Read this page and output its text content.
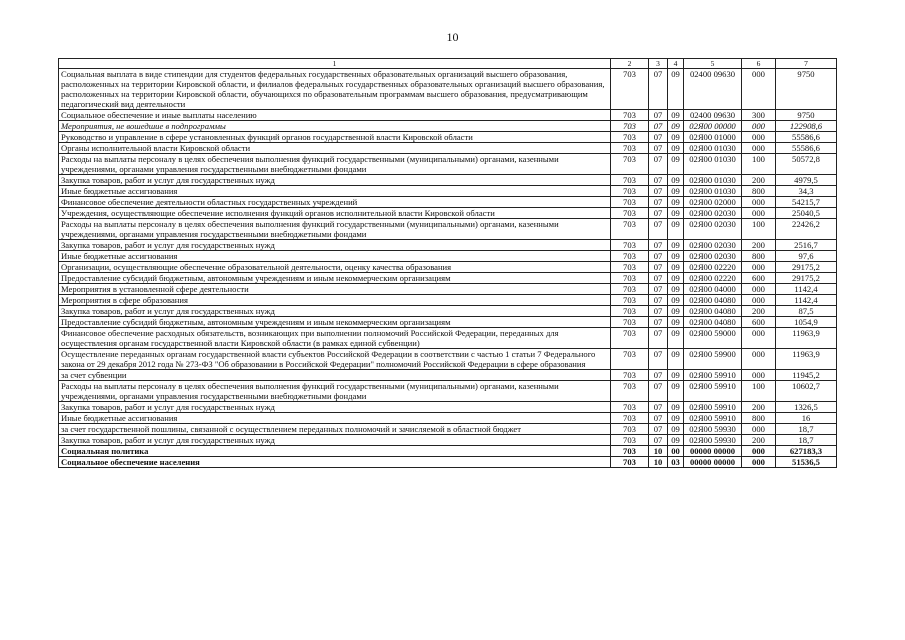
10
1	2	3	4	5	6	7
Социальная выплата в виде стипендии для студентов федеральных государственных образовательных организаций высшего образования, расположенных на территории Кировской области, и филиалов федеральных государственных образовательных организаций высшего образования, расположенных на территории Кировской области, обучающихся по образовательным программам высшего образования, предусматривающим педагогический вид деятельности	703	07	09	02400 09630	000	9750
Социальное обеспечение и иные выплаты населению	703	07	09	02400 09630	300	9750
Мероприятия, не вошедшие в подпрограммы	703	07	09	02Я00 00000	000	122908,6
Руководство и управление в сфере установленных функций органов государственной власти Кировской области	703	07	09	02Я00 01000	000	55586,6
Органы исполнительной власти Кировской области	703	07	09	02Я00 01030	000	55586,6
Расходы на выплаты персоналу в целях обеспечения выполнения функций государственными (муниципальными) органами, казенными учреждениями, органами управления государственными внебюджетными фондами	703	07	09	02Я00 01030	100	50572,8
Закупка товаров, работ и услуг для государственных нужд	703	07	09	02Я00 01030	200	4979,5
Иные бюджетные ассигнования	703	07	09	02Я00 01030	800	34,3
Финансовое обеспечение деятельности областных государственных учреждений	703	07	09	02Я00 02000	000	54215,7
Учреждения, осуществляющие обеспечение исполнения функций органов исполнительной власти Кировской области	703	07	09	02Я00 02030	000	25040,5
Расходы на выплаты персоналу в целях обеспечения выполнения функций государственными (муниципальными) органами, казенными учреждениями, органами управления государственными внебюджетными фондами	703	07	09	02Я00 02030	100	22426,2
Закупка товаров, работ и услуг для государственных нужд	703	07	09	02Я00 02030	200	2516,7
Иные бюджетные ассигнования	703	07	09	02Я00 02030	800	97,6
Организации, осуществляющие обеспечение образовательной деятельности, оценку качества образования	703	07	09	02Я00 02220	000	29175,2
Предоставление субсидий бюджетным, автономным учреждениям и иным некоммерческим организациям	703	07	09	02Я00 02220	600	29175,2
Мероприятия в установленной сфере деятельности	703	07	09	02Я00 04000	000	1142,4
Мероприятия в сфере образования	703	07	09	02Я00 04080	000	1142,4
Закупка товаров, работ и услуг для государственных нужд	703	07	09	02Я00 04080	200	87,5
Предоставление субсидий бюджетным, автономным учреждениям и иным некоммерческим организациям	703	07	09	02Я00 04080	600	1054,9
Финансовое обеспечение расходных обязательств, возникающих при выполнении полномочий Российской Федерации, переданных для осуществления органам государственной власти Кировской области (в рамках единой субвенции)	703	07	09	02Я00 59000	000	11963,9
Осуществление переданных органам государственной власти субъектов Российской Федерации в соответствии с частью 1 статьи 7 Федерального закона от 29 декабря 2012 года № 273-ФЗ "Об образовании в Российской Федерации" полномочий Российской Федерации в сфере образования	703	07	09	02Я00 59900	000	11963,9
за счет субвенции	703	07	09	02Я00 59910	000	11945,2
Расходы на выплаты персоналу в целях обеспечения выполнения функций государственными (муниципальными) органами, казенными учреждениями, органами управления государственными внебюджетными фондами	703	07	09	02Я00 59910	100	10602,7
Закупка товаров, работ и услуг для государственных нужд	703	07	09	02Я00 59910	200	1326,5
Иные бюджетные ассигнования	703	07	09	02Я00 59910	800	16
за счет государственной пошлины, связанной с осуществлением переданных полномочий и зачисляемой в областной бюджет	703	07	09	02Я00 59930	000	18,7
Закупка товаров, работ и услуг для государственных нужд	703	07	09	02Я00 59930	200	18,7
Социальная политика	703	10	00	00000 00000	000	627183,3
Социальное обеспечение населения	703	10	03	00000 00000	000	51536,5
